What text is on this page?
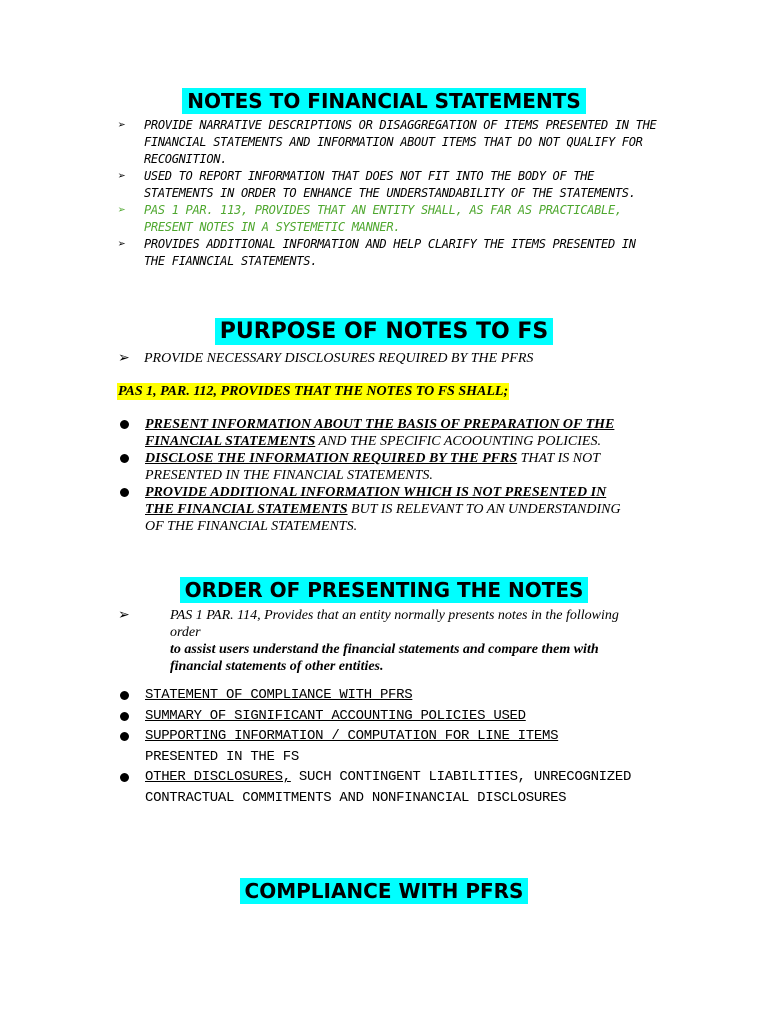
NOTES TO FINANCIAL STATEMENTS
➢ PROVIDE NARRATIVE DESCRIPTIONS OR DISAGGREGATION OF ITEMS PRESENTED IN THE FINANCIAL STATEMENTS AND INFORMATION ABOUT ITEMS THAT DO NOT QUALIFY FOR RECOGNITION.
➢ USED TO REPORT INFORMATION THAT DOES NOT FIT INTO THE BODY OF THE STATEMENTS IN ORDER TO ENHANCE THE UNDERSTANDABILITY OF THE STATEMENTS.
➢ PAS 1 PAR. 113, PROVIDES THAT AN ENTITY SHALL, AS FAR AS PRACTICABLE, PRESENT NOTES IN A SYSTEMETIC MANNER.
➢ PROVIDES ADDITIONAL INFORMATION AND HELP CLARIFY THE ITEMS PRESENTED IN THE FIANNCIAL STATEMENTS.
PURPOSE OF NOTES TO FS
➢ PROVIDE NECESSARY DISCLOSURES REQUIRED BY THE PFRS
PAS 1, PAR. 112, PROVIDES THAT THE NOTES TO FS SHALL;
PRESENT INFORMATION ABOUT THE BASIS OF PREPARATION OF THE FINANCIAL STATEMENTS AND THE SPECIFIC ACOOUNTING POLICIES.
DISCLOSE THE INFORMATION REQUIRED BY THE PFRS THAT IS NOT PRESENTED IN THE FINANCIAL STATEMENTS.
PROVIDE ADDITIONAL INFORMATION WHICH IS NOT PRESENTED IN THE FINANCIAL STATEMENTS BUT IS RELEVANT TO AN UNDERSTANDING OF THE FINANCIAL STATEMENTS.
ORDER OF PRESENTING THE NOTES
➢ PAS 1 PAR. 114, Provides that an entity normally presents notes in the following order
to assist users understand the financial statements and compare them with financial statements of other entities.
STATEMENT OF COMPLIANCE WITH PFRS
SUMMARY OF SIGNIFICANT ACCOUNTING POLICIES USED
SUPPORTING INFORMATION / COMPUTATION FOR LINE ITEMS PRESENTED IN THE FS
OTHER DISCLOSURES, SUCH CONTINGENT LIABILITIES, UNRECOGNIZED CONTRACTUAL COMMITMENTS AND NONFINANCIAL DISCLOSURES
COMPLIANCE WITH PFRS
